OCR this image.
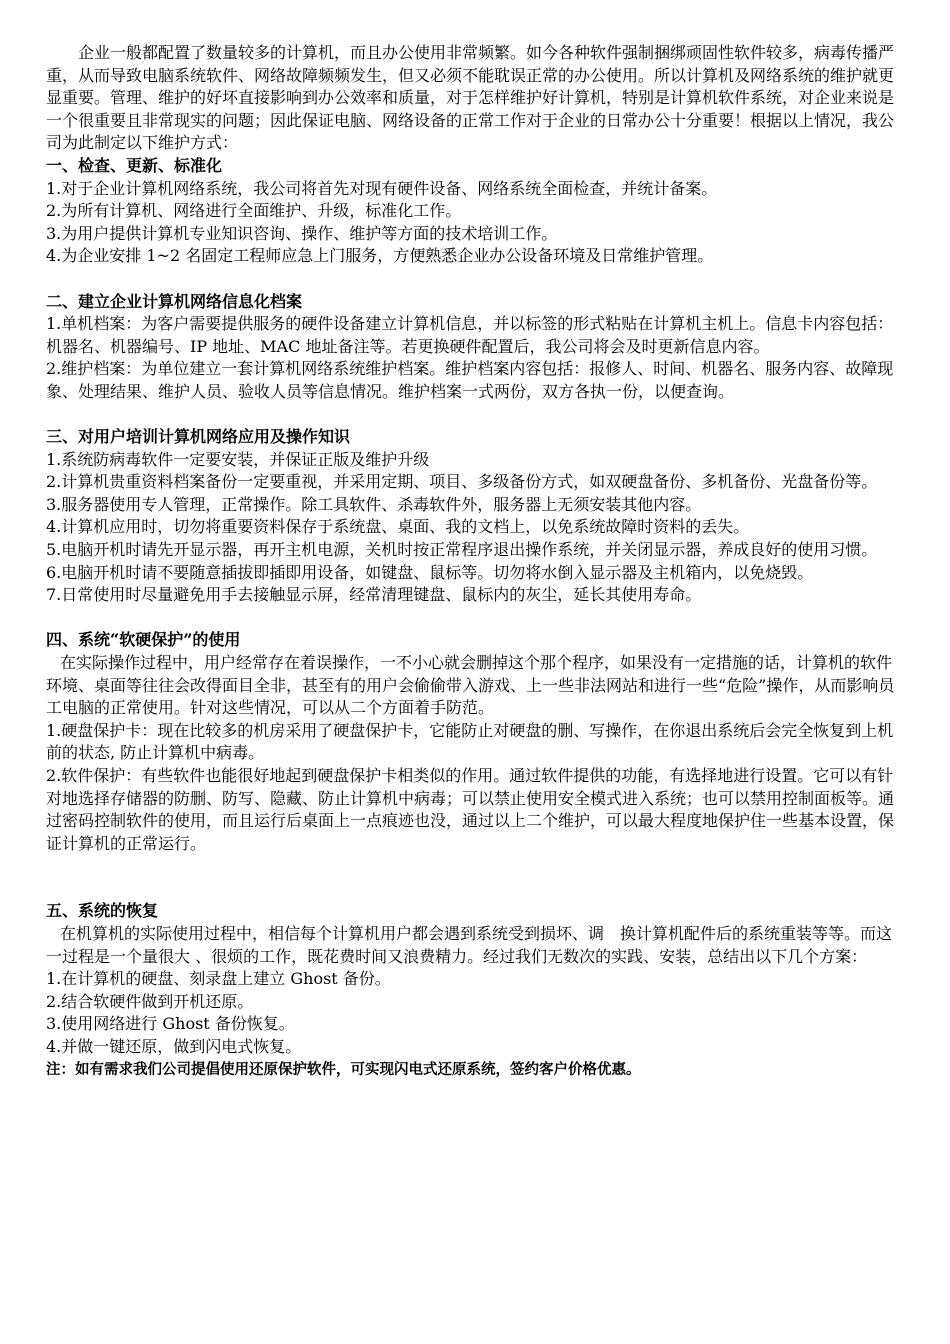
企业一般都配置了数量较多的计算机，而且办公使用非常频繁。如今各种软件强制捆绑顽固性软件较多，病毒传播严重，从而导致电脑系统软件、网络故障频频发生，但又必须不能耽误正常的办公使用。所以计算机及网络系统的维护就更显重要。管理、维护的好坏直接影响到办公效率和质量，对于怎样维护好计算机，特别是计算机软件系统，对企业来说是一个很重要且非常现实的问题；因此保证电脑、网络设备的正常工作对于企业的日常办公十分重要！根据以上情况，我公司为此制定以下维护方式：

一、检查、更新、标准化

1.对于企业计算机网络系统，我公司将首先对现有硬件设备、网络系统全面检查，并统计备案。

2.为所有计算机、网络进行全面维护、升级，标准化工作。

3.为用户提供计算机专业知识咨询、操作、维护等方面的技术培训工作。

4.为企业安排 1~2 名固定工程师应急上门服务，方便熟悉企业办公设备环境及日常维护管理。

二、建立企业计算机网络信息化档案

1.单机档案：为客户需要提供服务的硬件设备建立计算机信息，并以标签的形式粘贴在计算机主机上。信息卡内容包括：机器名、机器编号、IP 地址、MAC 地址备注等。若更换硬件配置后，我公司将会及时更新信息内容。

2.维护档案：为单位建立一套计算机网络系统维护档案。维护档案内容包括：报修人、时间、机器名、服务内容、故障现象、处理结果、维护人员、验收人员等信息情况。维护档案一式两份，双方各执一份，以便查询。

三、对用户培训计算机网络应用及操作知识

1.系统防病毒软件一定要安装，并保证正版及维护升级

2.计算机贵重资料档案备份一定要重视，并采用定期、项目、多级备份方式，如双硬盘备份、多机备份、光盘备份等。

3.服务器使用专人管理，正常操作。除工具软件、杀毒软件外，服务器上无须安装其他内容。

4.计算机应用时，切勿将重要资料保存于系统盘、桌面、我的文档上，以免系统故障时资料的丢失。

5.电脑开机时请先开显示器，再开主机电源，关机时按正常程序退出操作系统，并关闭显示器，养成良好的使用习惯。

6.电脑开机时请不要随意插拔即插即用设备，如键盘、鼠标等。切勿将水倒入显示器及主机箱内，以免烧毁。

7.日常使用时尽量避免用手去接触显示屏，经常清理键盘、鼠标内的灰尘，延长其使用寿命。

四、系统“软硬保护”的使用

在实际操作过程中，用户经常存在着误操作，一不小心就会删掉这个那个程序，如果没有一定措施的话，计算机的软件环境、桌面等往往会改得面目全非，甚至有的用户会偷偷带入游戏、上一些非法网站和进行一些“危险”操作，从而影响员工电脑的正常使用。针对这些情况，可以从二个方面着手防范。

1.硬盘保护卡：现在比较多的机房采用了硬盘保护卡，它能防止对硬盘的删、写操作，在你退出系统后会完全恢复到上机前的状态, 防止计算机中病毒。

2.软件保护：有些软件也能很好地起到硬盘保护卡相类似的作用。通过软件提供的功能，有选择地进行设置。它可以有针对地选择存储器的防删、防写、隐藏、防止计算机中病毒；可以禁止使用安全模式进入系统；也可以禁用控制面板等。通过密码控制软件的使用，而且运行后桌面上一点痕迹也没，通过以上二个维护，可以最大程度地保护住一些基本设置，保证计算机的正常运行。

五、系统的恢复

在机算机的实际使用过程中，相信每个计算机用户都会遇到系统受到损坏、调　换计算机配件后的系统重装等等。而这一过程是一个量很大 、很烦的工作，既花费时间又浪费精力。经过我们无数次的实践、安装，总结出以下几个方案：

1.在计算机的硬盘、刻录盘上建立 Ghost 备份。

2.结合软硬件做到开机还原。

3.使用网络进行 Ghost 备份恢复。

4.并做一键还原，做到闪电式恢复。

注：如有需求我们公司提倡使用还原保护软件，可实现闪电式还原系统，签约客户价格优惠。
